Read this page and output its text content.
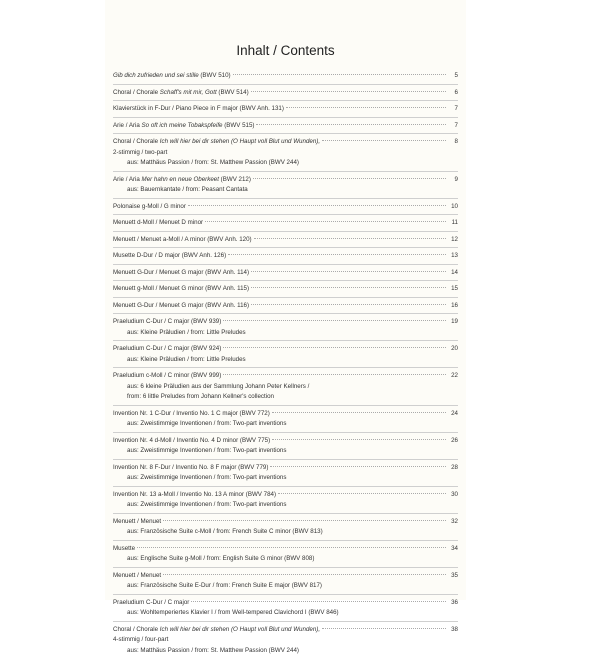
Inhalt / Contents
Gib dich zufrieden und sei stille (BWV 510)	5
Choral / Chorale Schaff's mit mir, Gott (BWV 514)	6
Klavierstück in F-Dur / Piano Piece in F major (BWV Anh. 131)	7
Arie / Aria So oft ich meine Tobakspfeife (BWV 515)	7
Choral / Chorale Ich will hier bei dir stehen (O Haupt voll Blut und Wunden),	8
2-stimmig / two-part
aus: Matthäus Passion / from: St. Matthew Passion (BWV 244)
Arie / Aria Mer hahn en neue Oberkeet (BWV 212)	9
aus: Bauernkantate / from: Peasant Cantata
Polonaise g-Moll / G minor	10
Menuett d-Moll / Menuet D minor	11
Menuett / Menuet a-Moll / A minor (BWV Anh. 120)	12
Musette D-Dur / D major (BWV Anh. 126)	13
Menuett G-Dur / Menuet G major (BWV Anh. 114)	14
Menuett g-Moll / Menuet G minor (BWV Anh. 115)	15
Menuett G-Dur / Menuet G major (BWV Anh. 116)	16
Praeludium C-Dur / C major (BWV 939)	19
aus: Kleine Präludien / from: Little Preludes
Praeludium C-Dur / C major (BWV 924)	20
aus: Kleine Präludien / from: Little Preludes
Praeludium c-Moll / C minor (BWV 999)	22
aus: 6 kleine Präludien aus der Sammlung Johann Peter Kellners /
from: 6 little Preludes from Johann Kellner's collection
Invention Nr. 1 C-Dur / Inventio No. 1 C major (BWV 772)	24
aus: Zweistimmige Inventionen / from: Two-part inventions
Invention Nr. 4 d-Moll / Inventio No. 4 D minor (BWV 775)	26
aus: Zweistimmige Inventionen / from: Two-part inventions
Invention Nr. 8 F-Dur / Inventio No. 8 F major (BWV 779)	28
aus: Zweistimmige Inventionen / from: Two-part inventions
Invention Nr. 13 a-Moll / Inventio No. 13 A minor (BWV 784)	30
aus: Zweistimmige Inventionen / from: Two-part inventions
Menuett / Menuet	32
aus: Französische Suite c-Moll / from: French Suite C minor (BWV 813)
Musette	34
aus: Englische Suite g-Moll / from: English Suite G minor (BWV 808)
Menuett / Menuet	35
aus: Französische Suite E-Dur / from: French Suite E major (BWV 817)
Praeludium C-Dur / C major	36
aus: Wohltemperiertes Klavier I / from Well-tempered Clavichord I (BWV 846)
Choral / Chorale Ich will hier bei dir stehen (O Haupt voll Blut und Wunden),	38
4-stimmig / four-part
aus: Matthäus Passion / from: St. Matthew Passion (BWV 244)
